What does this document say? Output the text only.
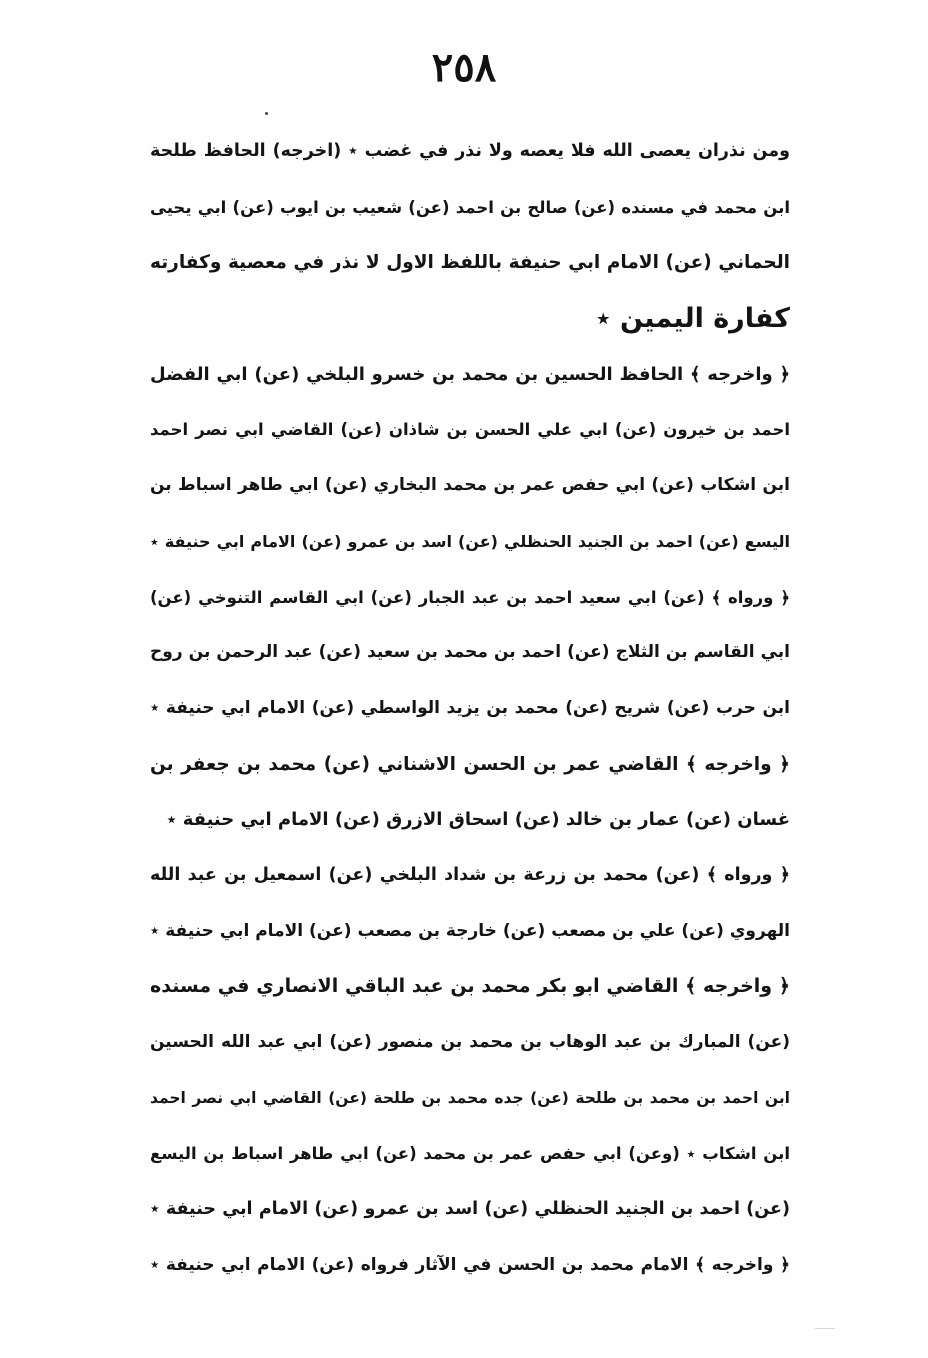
٢٥٨
ومن نذران يعصى الله فلا يعصه ولا نذر في غضب ٭ (اخرجه) الحافظ طلحة
ابن محمد في مسنده (عن) صالح بن احمد (عن) شعيب بن ايوب (عن) ابي يحيى
الحماني (عن) الامام ابي حنيفة باللفظ الاول لا نذر في معصية وكفارته
كفارة اليمين ٭
﴿ واخرجه ﴾ الحافظ الحسين بن محمد بن خسرو البلخي (عن) ابي الفضل
احمد بن خيرون (عن) ابي علي الحسن بن شاذان (عن) القاضي ابي نصر احمد
ابن اشكاب (عن) ابي حفص عمر بن محمد البخاري (عن) ابي طاهر اسباط بن
اليسع (عن) احمد بن الجنيد الحنظلي (عن) اسد بن عمرو (عن) الامام ابي حنيفة ٭
﴿ ورواه ﴾ (عن) ابي سعيد احمد بن عبد الجبار (عن) ابي القاسم التنوخي (عن)
ابي القاسم بن الثلاج (عن) احمد بن محمد بن سعيد (عن) عبد الرحمن بن روح
ابن حرب (عن) شريح (عن) محمد بن يزيد الواسطي (عن) الامام ابي حنيفة ٭
﴿ واخرجه ﴾ القاضي عمر بن الحسن الاشناني (عن) محمد بن جعفر بن
غسان (عن) عمار بن خالد (عن) اسحاق الازرق (عن) الامام ابي حنيفة ٭
﴿ ورواه ﴾ (عن) محمد بن زرعة بن شداد البلخي (عن) اسمعيل بن عبد الله
الهروي (عن) علي بن مصعب (عن) خارجة بن مصعب (عن) الامام ابي حنيفة ٭
﴿ واخرجه ﴾ القاضي ابو بكر محمد بن عبد الباقي الانصاري في مسنده
(عن) المبارك بن عبد الوهاب بن محمد بن منصور (عن) ابي عبد الله الحسين
ابن احمد بن محمد بن طلحة (عن) جده محمد بن طلحة (عن) القاضي ابي نصر احمد
ابن اشكاب ٭ (وعن) ابي حفص عمر بن محمد (عن) ابي طاهر اسباط بن اليسع
(عن) احمد بن الجنيد الحنظلي (عن) اسد بن عمرو (عن) الامام ابي حنيفة ٭
﴿ واخرجه ﴾ الامام محمد بن الحسن في الآثار فرواه (عن) الامام ابي حنيفة ٭
